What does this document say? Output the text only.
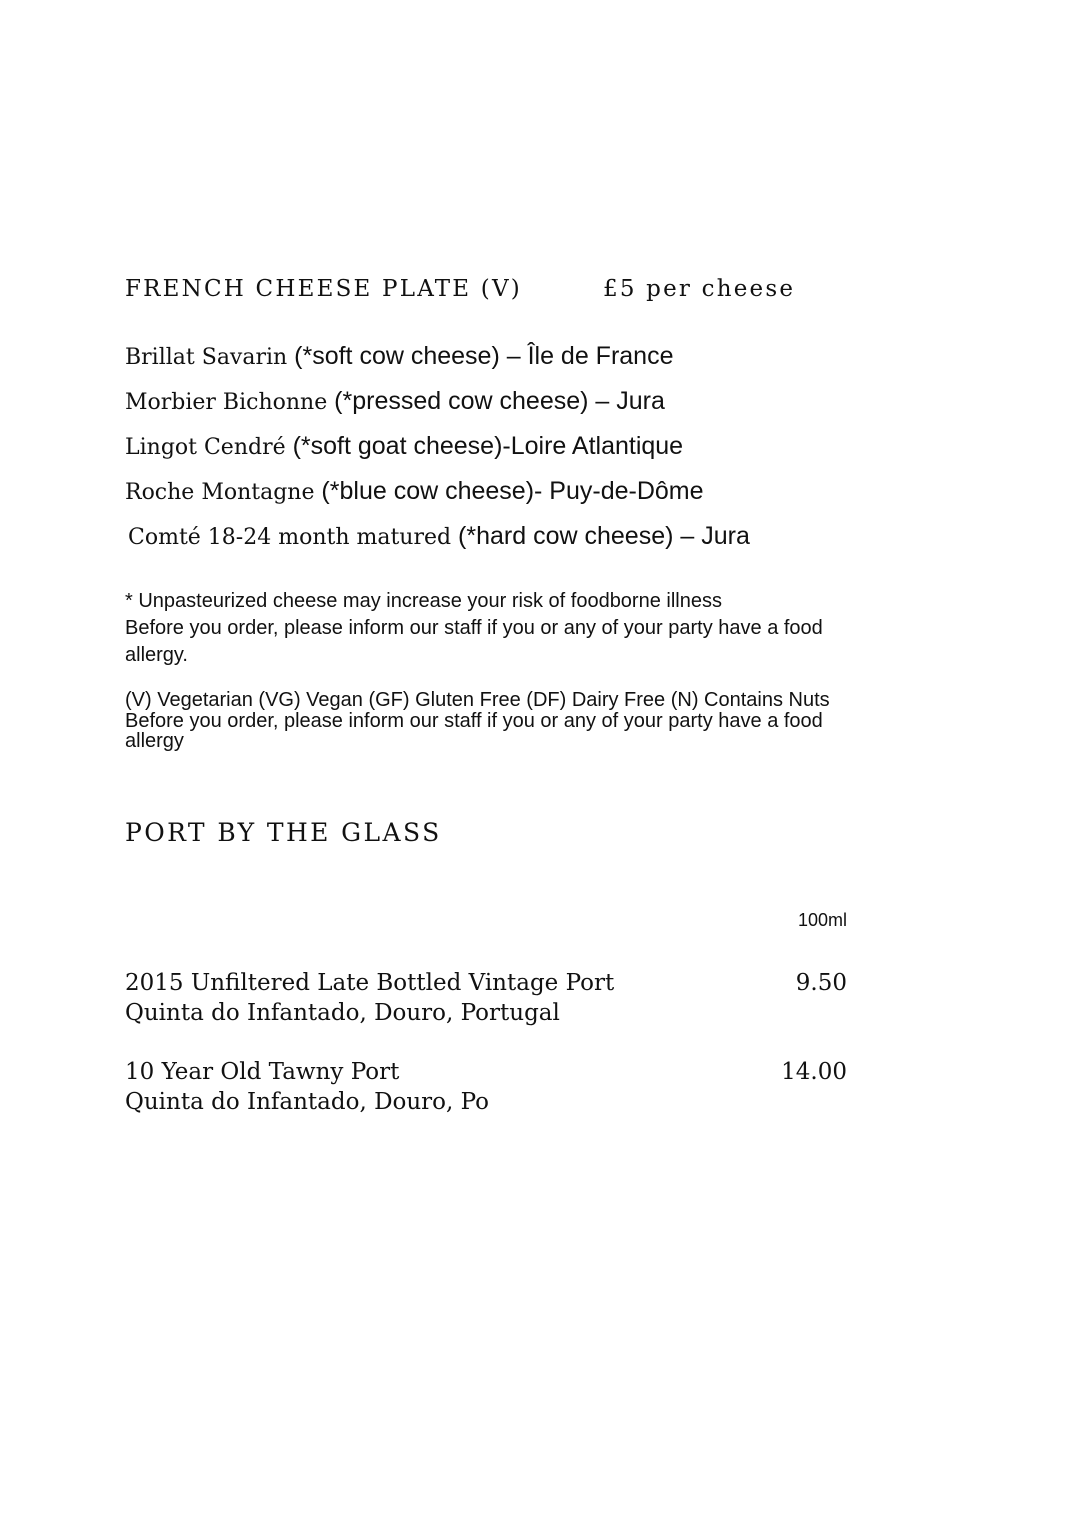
FRENCH CHEESE PLATE (V)	£5 per cheese
Brillat Savarin (*soft cow cheese) – Île de France
Morbier Bichonne (*pressed cow cheese) – Jura
Lingot Cendré (*soft goat cheese)-Loire Atlantique
Roche Montagne (*blue cow cheese)- Puy-de-Dôme
Comté 18-24 month matured (*hard cow cheese) – Jura
* Unpasteurized cheese may increase your risk of foodborne illness
Before you order, please inform our staff if you or any of your party have a food
allergy.
(V) Vegetarian (VG) Vegan (GF) Gluten Free (DF) Dairy Free (N) Contains Nuts
Before you order, please inform our staff if you or any of your party have a food
allergy
PORT BY THE GLASS
100ml
2015 Unfiltered Late Bottled Vintage Port
Quinta do Infantado, Douro, Portugal
9.50
10 Year Old Tawny Port
Quinta do Infantado, Douro, Po
14.00
